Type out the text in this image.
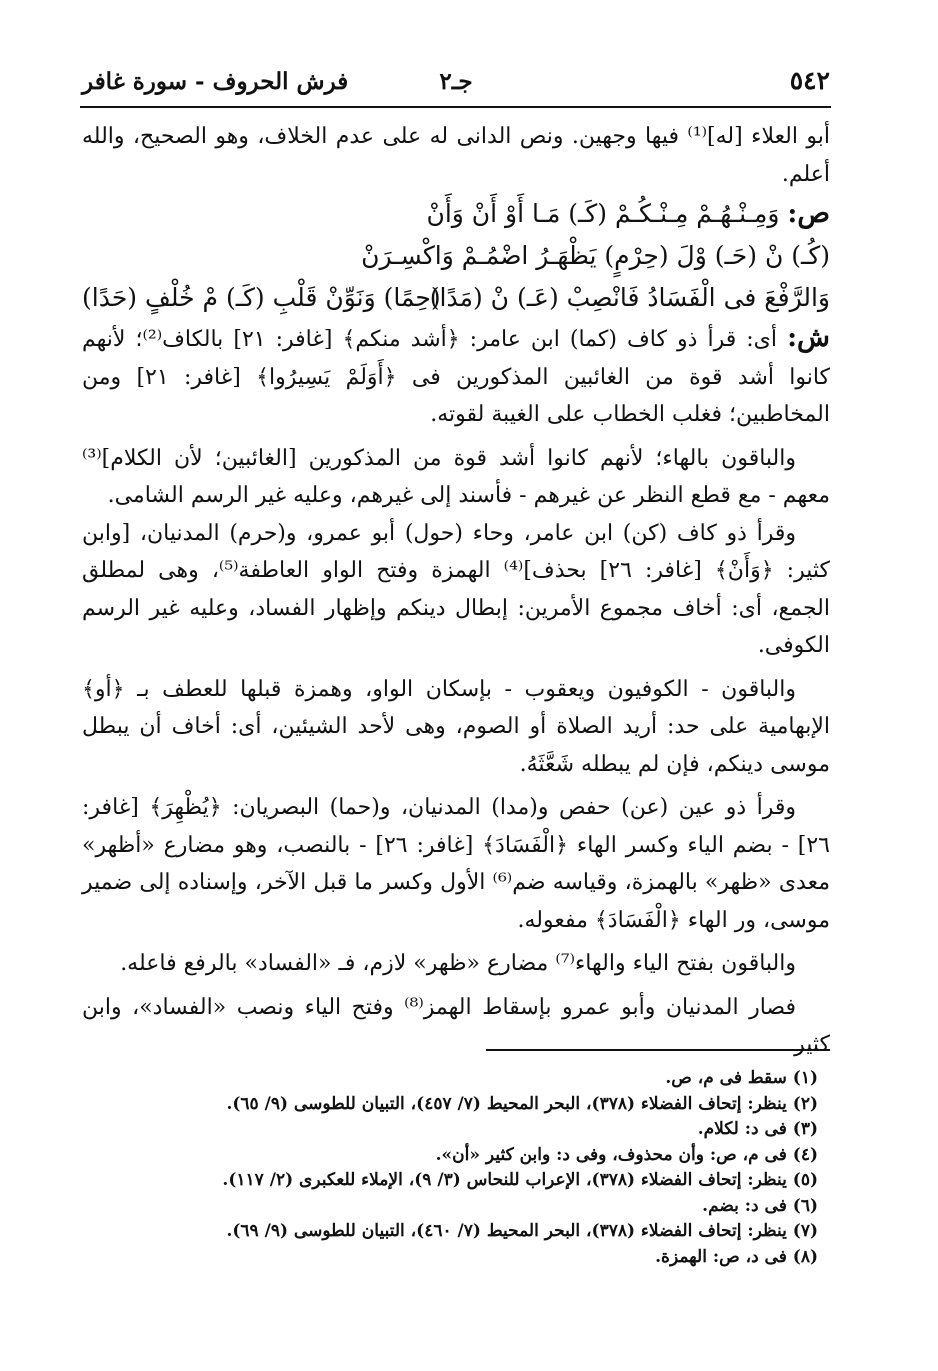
٥٤٢
جـ٢
فرش الحروف - سورة غافر

أبو العلاء [له]⁽¹⁾ فيها وجهين. ونص الدانى له على عدم الخلاف، وهو الصحيح، والله أعلم.

ص: وَمِـنْـهُـمْ مِـنْـكُـمْ (كَـ) مَـا أَوْ أَنْ وَأَنْ
(كُـ) نْ (حَـ) وْلَ (حِرْمٍ) يَظْهَـرُ اضْمُـمْ وَاكْسِـرَنْ
وَالرَّفْعَ فى الْفَسَادُ فَانْصِبْ (عَـ) نْ (مَدًا)
(حِمًا) وَنَوِّنْ قَلْبِ (كَـ) مْ خُلْفٍ (حَدًا)

ش: أى: قرأ ذو كاف (كما) ابن عامر: ﴿أشد منكم﴾ [غافر: ٢١] بالكاف⁽²⁾؛ لأنهم كانوا أشد قوة من الغائبين المذكورين فى ﴿أَوَلَمْ يَسِيرُوا﴾ [غافر: ٢١] ومن المخاطبين؛ فغلب الخطاب على الغيبة لقوته.

والباقون بالهاء؛ لأنهم كانوا أشد قوة من المذكورين [الغائبين؛ لأن الكلام]⁽³⁾ معهم - مع قطع النظر عن غيرهم - فأسند إلى غيرهم، وعليه غير الرسم الشامى.

وقرأ ذو كاف (كن) ابن عامر، وحاء (حول) أبو عمرو، و(حرم) المدنيان، [وابن كثير: ﴿وَأَنْ﴾ [غافر: ٢٦] بحذف]⁽⁴⁾ الهمزة وفتح الواو العاطفة⁽⁵⁾، وهى لمطلق الجمع، أى: أخاف مجموع الأمرين: إبطال دينكم وإظهار الفساد، وعليه غير الرسم الكوفى.

والباقون - الكوفيون ويعقوب - بإسكان الواو، وهمزة قبلها للعطف بـ ﴿أو﴾ الإبهامية على حد: أريد الصلاة أو الصوم، وهى لأحد الشيئين، أى: أخاف أن يبطل موسى دينكم، فإن لم يبطله شَعَّثَهُ.

وقرأ ذو عين (عن) حفص و(مدا) المدنيان، و(حما) البصريان: ﴿يُظْهِرَ﴾ [غافر: ٢٦] - بضم الياء وكسر الهاء ﴿الْفَسَادَ﴾ [غافر: ٢٦] - بالنصب، وهو مضارع «أظهر» معدى «ظهر» بالهمزة، وقياسه ضم⁽⁶⁾ الأول وكسر ما قبل الآخر، وإسناده إلى ضمير موسى، ور الهاء ﴿الْفَسَادَ﴾ مفعوله.

والباقون بفتح الياء والهاء⁽⁷⁾ مضارع «ظهر» لازم، فـ «الفساد» بالرفع فاعله.

فصار المدنيان وأبو عمرو بإسقاط الهمز⁽⁸⁾ وفتح الياء ونصب «الفساد»، وابن كثير

(١) سقط فى م، ص.
(٢) ينظر: إتحاف الفضلاء (٣٧٨)، البحر المحيط (٧/ ٤٥٧)، التبيان للطوسى (٩/ ٦٥).
(٣) فى د: لكلام.
(٤) فى م، ص: وأن محذوف، وفى د: وابن كثير «أن».
(٥) ينظر: إتحاف الفضلاء (٣٧٨)، الإعراب للنحاس (٣/ ٩)، الإملاء للعكبرى (٢/ ١١٧).
(٦) فى د: بضم.
(٧) ينظر: إتحاف الفضلاء (٣٧٨)، البحر المحيط (٧/ ٤٦٠)، التبيان للطوسى (٩/ ٦٩).
(٨) فى د، ص: الهمزة.
